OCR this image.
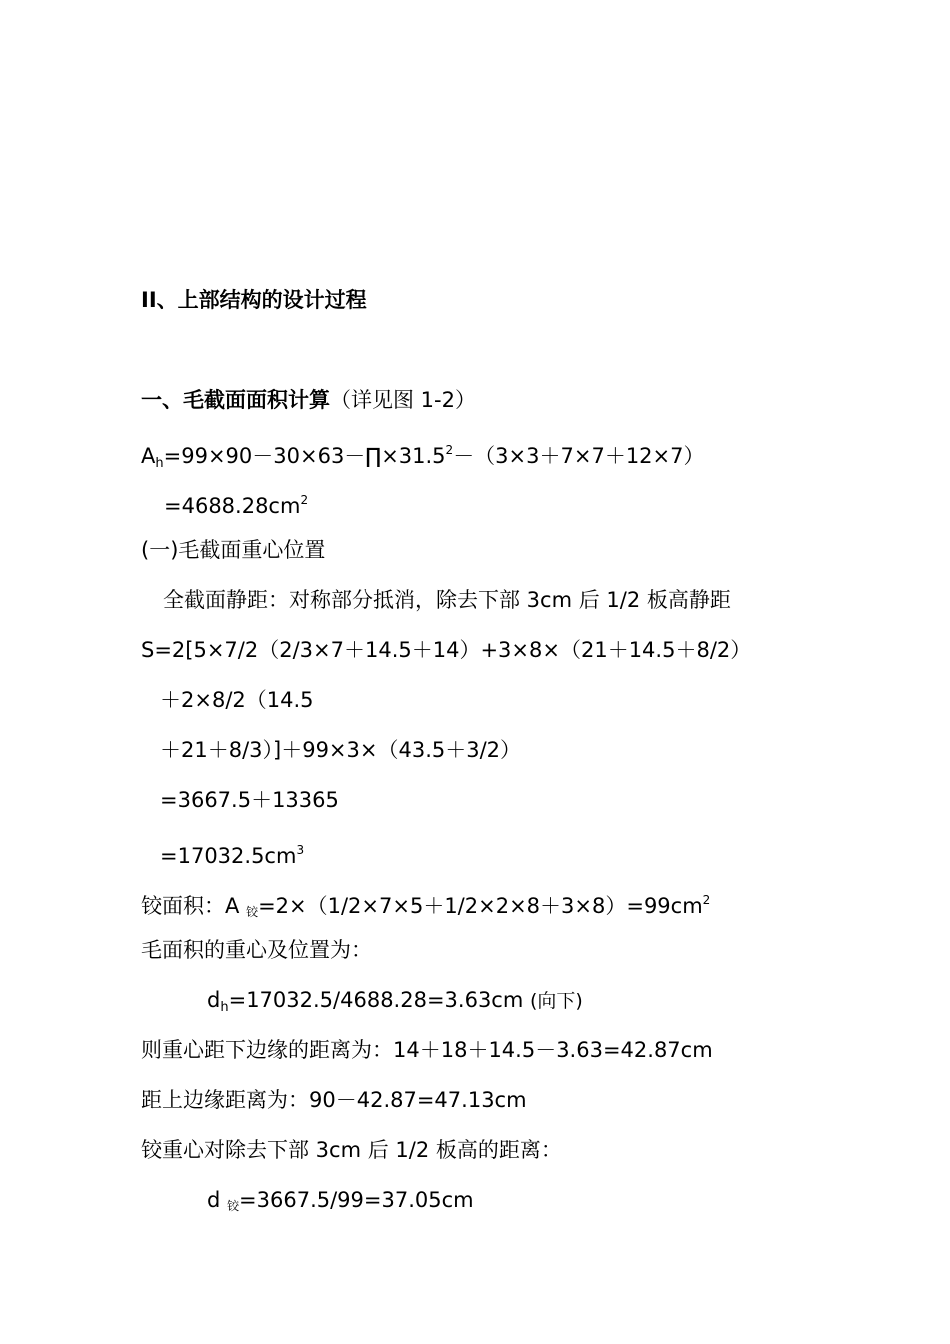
II、上部结构的设计过程
一、毛截面面积计算（详见图 1-2）
$A_h=99\times 90-30\times 63-\prod\times 31.5^2-(3\times 3+7\times 7+12\times 7)$
$=4688.28cm^2$
(一)毛截面重心位置
全截面静距：对称部分抵消，除去下部 3cm 后 1/2 板高静距
S=2[5×7/2（2/3×7＋14.5＋14）+3×8×（21＋14.5＋8/2）
＋2×8/2（14.5
＋21＋8/3）]＋99×3×（43.5＋3/2）
=3667.5＋13365
$=17032.5cm^3$
铰面积：A 铰$=2\times(1/2\times 7\times 5+1/2\times 2\times 8+3\times 8)=99cm^2$
毛面积的重心及位置为：
$d_h=17032.5/4688.28=3.63cm$ (向下)
则重心距下边缘的距离为：14＋18＋14.5－3.63=42.87cm
距上边缘距离为：90－42.87=47.13cm
铰重心对除去下部 3cm 后 1/2 板高的距离：
d 铰=3667.5/99=37.05cm
